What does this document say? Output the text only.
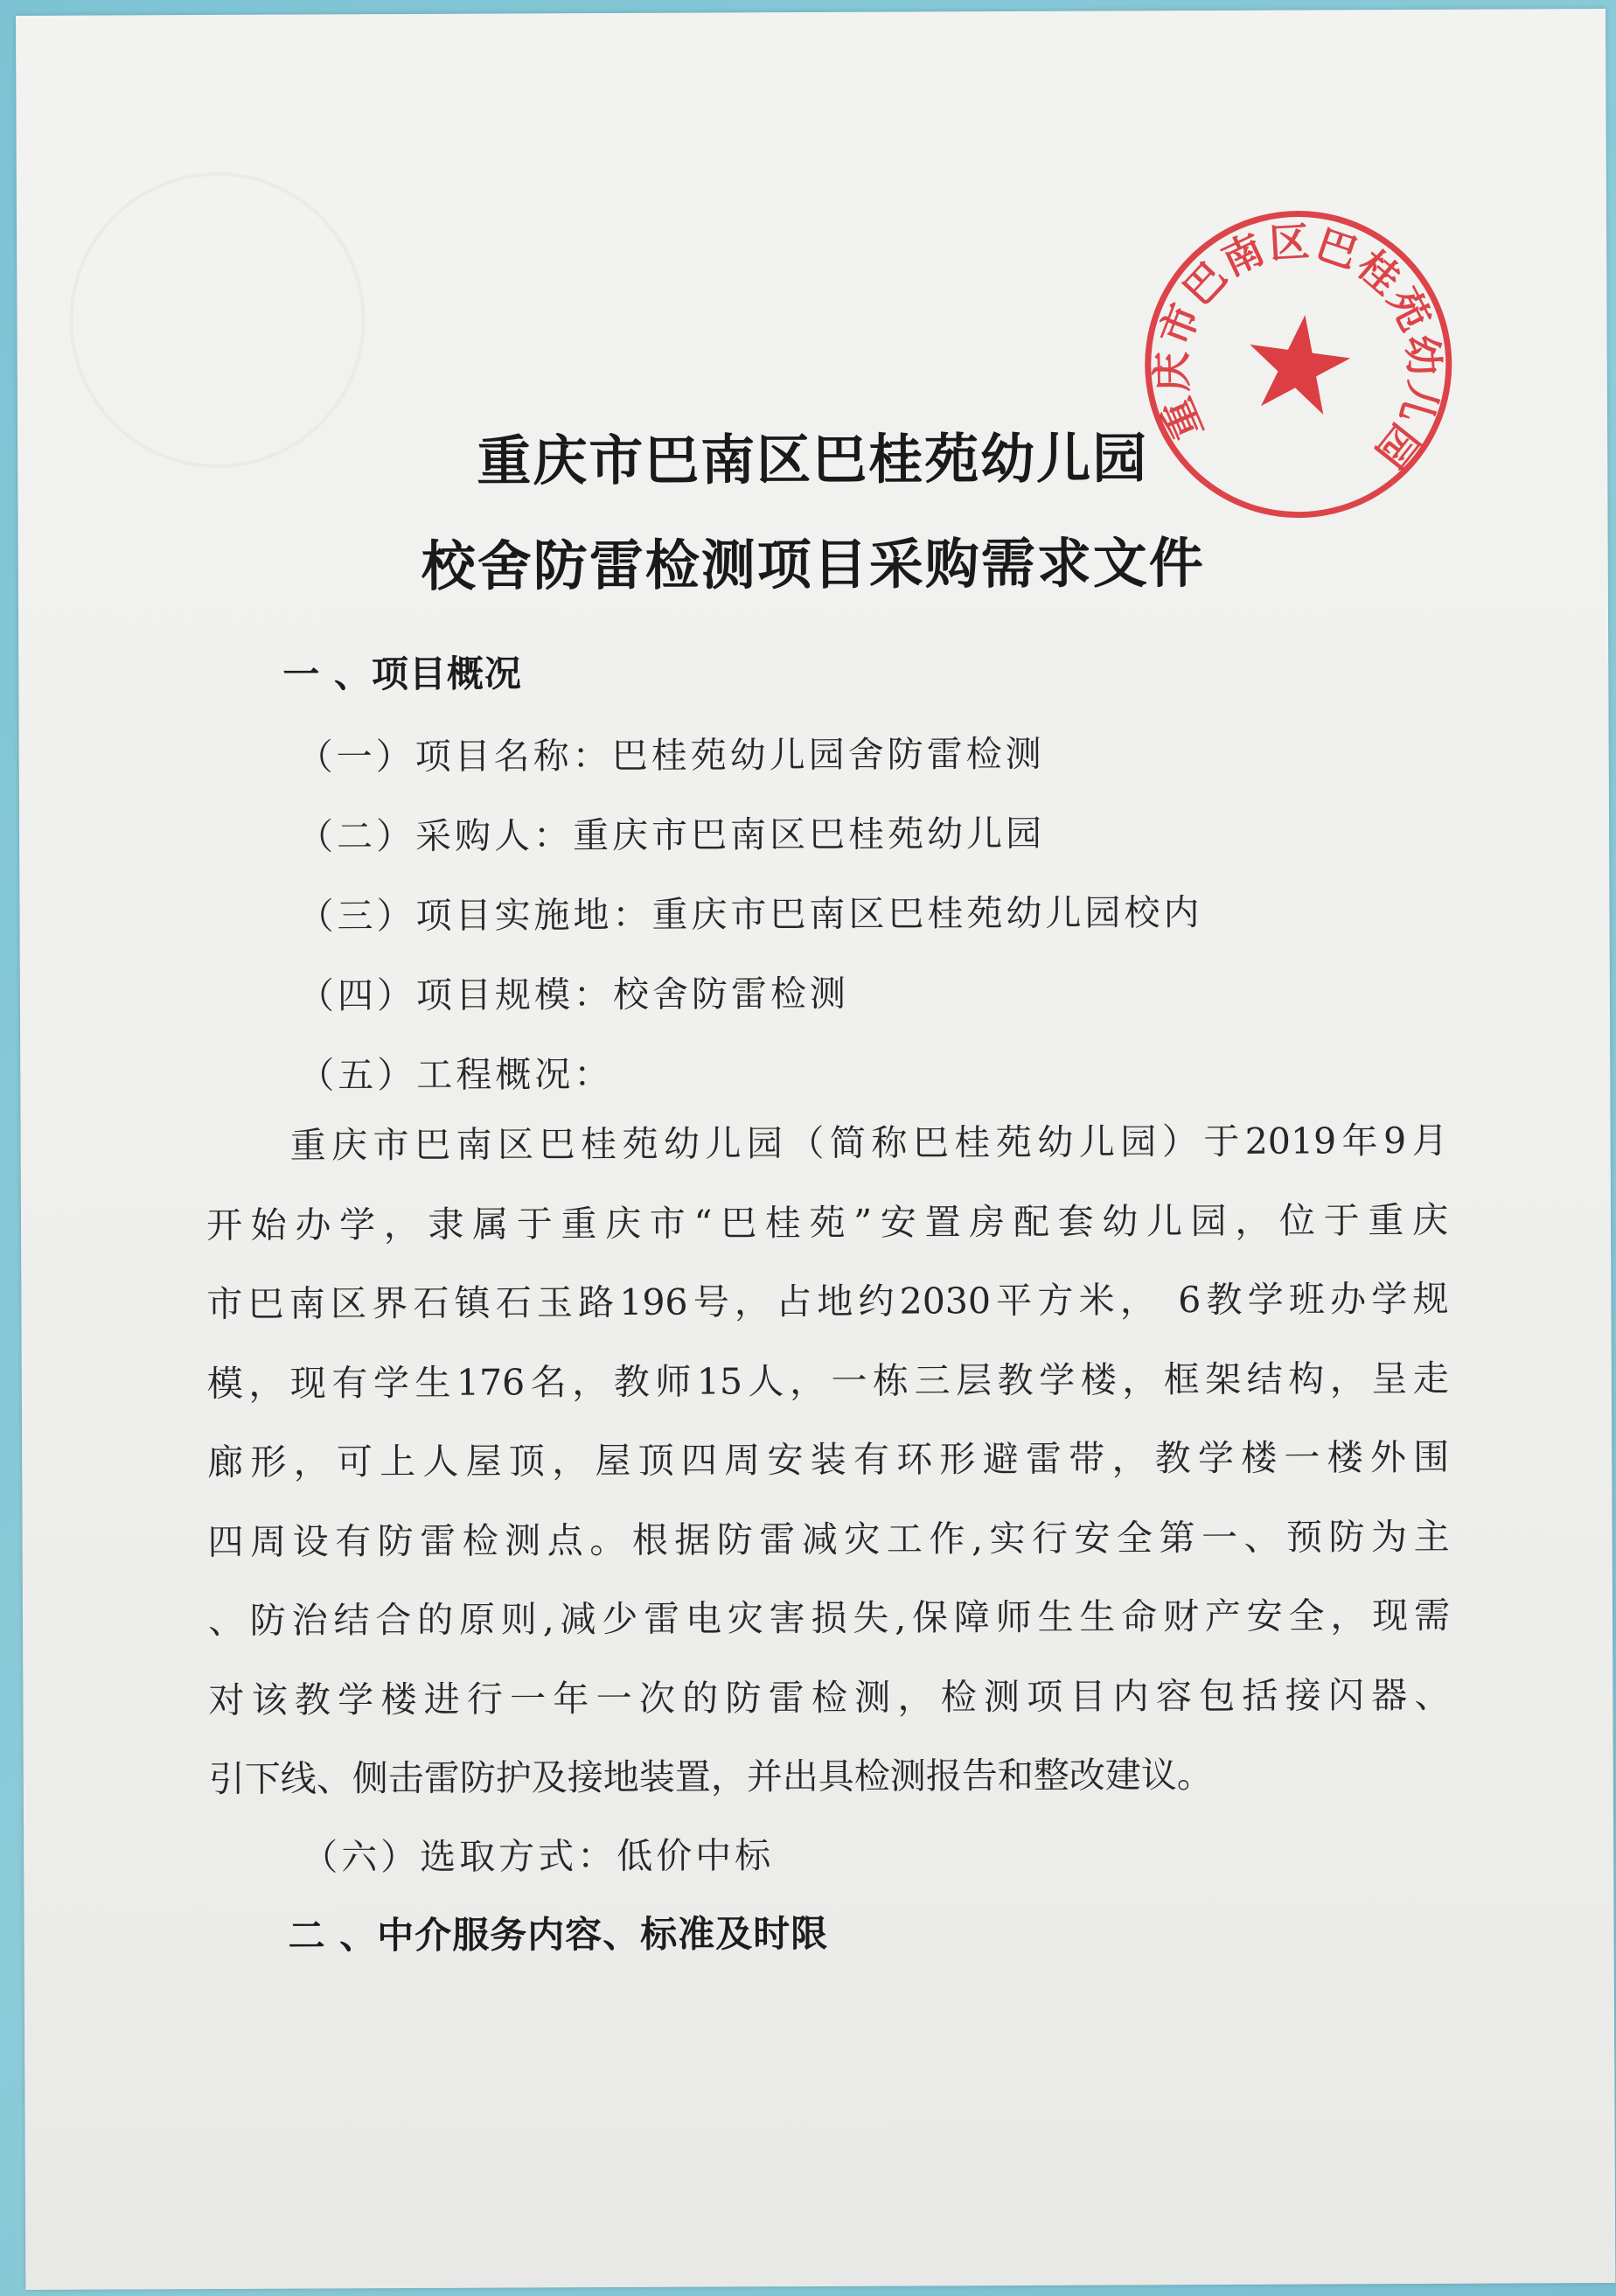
重庆市巴南区巴桂苑幼儿园
重庆市巴南区巴桂苑幼儿园
校舍防雷检测项目采购需求文件
一 、项目概况
（一）项目名称：巴桂苑幼儿园舍防雷检测
（二）采购人：重庆市巴南区巴桂苑幼儿园
（三）项目实施地：重庆市巴南区巴桂苑幼儿园校内
（四）项目规模：校舍防雷检测
（五）工程概况：
重庆市巴南区巴桂苑幼儿园（简称巴桂苑幼儿园）于2019年9月
开始办学，隶属于重庆市“巴桂苑”安置房配套幼儿园，位于重庆
市巴南区界石镇石玉路196号，占地约2030平方米， 6教学班办学规
模，现有学生176名，教师15人，一栋三层教学楼，框架结构，呈走
廊形，可上人屋顶，屋顶四周安装有环形避雷带，教学楼一楼外围
四周设有防雷检测点。根据防雷减灾工作,实行安全第一、预防为主
、防治结合的原则,减少雷电灾害损失,保障师生生命财产安全，现需
对该教学楼进行一年一次的防雷检测，检测项目内容包括接闪器、
引下线、侧击雷防护及接地装置，并出具检测报告和整改建议。
（六）选取方式：低价中标
二 、中介服务内容、标准及时限
